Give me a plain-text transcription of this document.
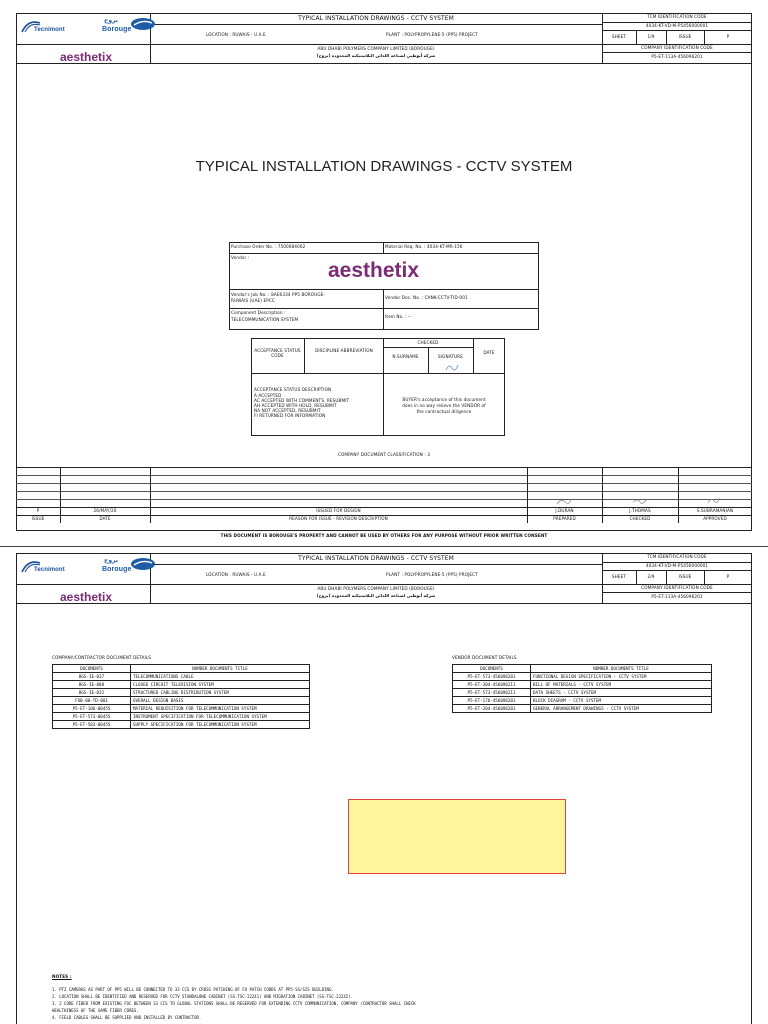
Tecnimont
بروج
Borouge
aesthetix
TYPICAL INSTALLATION DRAWINGS - CCTV SYSTEM
LOCATION : RUWAIS - U.A.E	PLANT : POLYPROPYLENE-5 (PP5) PROJECT
ABU DHABI POLYMERS COMPANY LIMITED (BOROUGE)
شركة أبوظبي لصناعة اللدائن البلاستيكية المحدودة (بروج)
TCM IDENTIFICATION CODE
4034-KT-VD-M-P5456000001
SHEET	1/9	ISSUE	P
COMPANY IDENTIFICATION CODE
P5-ET-113A-456096201
TYPICAL INSTALLATION DRAWINGS - CCTV SYSTEM
Purchase Order No. : 7500084062	Material Req. No. : 4034-KT-MR-156
Vendor :
aesthetix
Vendor's Job No. : 8AE6334 PP5 BOROUGE-
RUWAIS (UAE) EPCC
Vendor Doc. No. : CANK-CCTV-TID-001
Component Description :
TELECOMMUNICATION SYSTEM
Item No. : --
ACCEPTANCE STATUS CODE
DISCIPLINE ABBREVIATION
CHECKED
DATE
N.SURNAME	SIGNATURE
ACCEPTANCE STATUS DESCRIPTION
A ACCEPTED
AC ACCEPTED WITH COMMENTS, RESUBMIT
AH ACCEPTED WITH HOLD, RESUBMIT
NA NOT ACCEPTED, RESUBMIT
FI RETURNED FOR INFORMATION
BUYER's acceptance of this document
does in no way relieve the VENDOR of
the contractual diligence
COMPANY DOCUMENT CLASSIFICATION : 3
P	26/MAY/20	ISSUED FOR DESIGN	J.DURAN	J.THOMAS	S.SUBRAMANIAN
ISSUE	DATE	REASON FOR ISSUE - REVISION DESCRIPTION	PREPARED	CHECKED	APPROVED
THIS DOCUMENT IS BOROUGE'S PROPERTY AND CANNOT BE USED BY OTHERS FOR ANY PURPOSE WITHOUT PRIOR WRITTEN CONSENT
Tecnimont
بروج
Borouge
aesthetix
TYPICAL INSTALLATION DRAWINGS - CCTV SYSTEM
LOCATION : RUWAIS - U.A.E	PLANT : POLYPROPYLENE-5 (PP5) PROJECT
ABU DHABI POLYMERS COMPANY LIMITED (BOROUGE)
شركة أبوظبي لصناعة اللدائن البلاستيكية المحدودة (بروج)
TCM IDENTIFICATION CODE
4034-KT-VD-M-P5456000001
SHEET	2/9	ISSUE	P
COMPANY IDENTIFICATION CODE
P5-ET-113A-456096201
COMPANY/CONTRACTOR DOCUMENT DETAILS
DOCUMENTS	NUMBER DOCUMENTS TITLE
BGS-IE-037	TELECOMMUNICATIONS CABLE
BGS-IE-008	CLOSED CIRCUIT TELEVISION SYSTEM
BGS-IE-032	STRUCTURED CABLING DISTRIBUTION SYSTEM
FOB-00-TD-001	OVERALL DESIGN BASIS
P5-ET-106-00455	MATERIAL REQUISITION FOR TELECOMMUNICATION SYSTEM
P5-ET-573-00455	INSTRUMENT SPECIFICATION FOR TELECOMMUNICATION SYSTEM
P5-ET-583-00455	SUPPLY SPECIFICATION FOR TELECOMMUNICATION SYSTEM
VENDOR DOCUMENT DETAILS
DOCUMENTS	NUMBER DOCUMENTS TITLE
P5-ET-573-456096201	FUNCTIONAL DESIGN SPECIFICATION - CCTV SYSTEM
P5-ET-304-456096211	BILL OF MATERIALS - CCTV SYSTEM
P5-ET-573-456096211	DATA SHEETS - CCTV SYSTEM
P5-ET-176-456096201	BLOCK DIAGRAM - CCTV SYSTEM
P5-ET-204-456096201	GENERAL ARRANGEMENT DRAWINGS - CCTV SYSTEM
NOTES :
1. PTZ CAMERAS AS PART OF PP5 WILL BE CONNECTED TO 33 CCS BY CROSS PATCHING OF FO PATCH CORDS AT PP5-SS/SIS BUILDING.
2. LOCATION SHALL BE IDENTIFIED AND RESERVED FOR CCTV STANDALONE CABINET (SS-TSC-22241) AND MIGRATION CABINET (SS-TSC-22242).
3. 2 CORE FIBER FROM EXISTING FOC BETWEEN 33 CCS TO GLOBAL STATIONS SHALL BE RESERVED FOR EXTENDING CCTV COMMUNICATION. COMPANY /CONTRACTOR SHALL CHECK
HEALTHINESS OF THE SAME FIBER CORES.
4. FIELD CABLES SHALL BE SUPPLIED AND INSTALLED BY CONTRACTOR.
